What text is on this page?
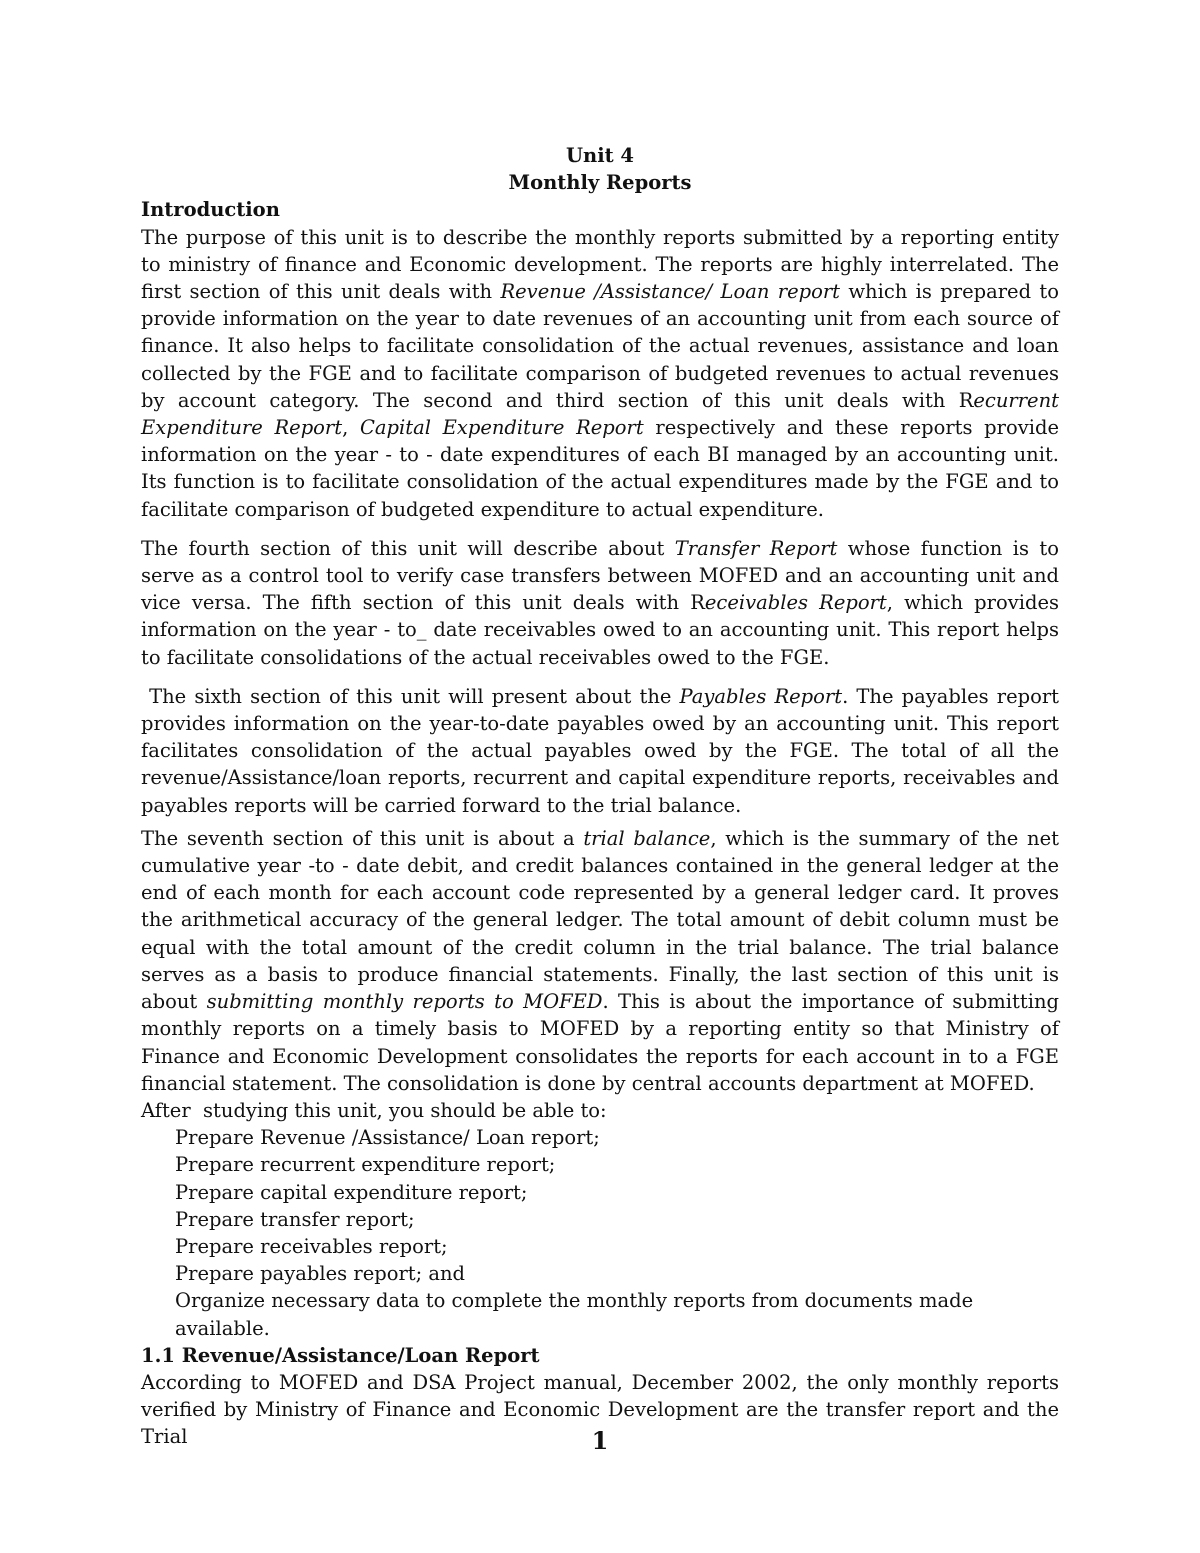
Unit 4
Monthly Reports
Introduction

The purpose of this unit is to describe the monthly reports submitted by a reporting entity to ministry of finance and Economic development. The reports are highly interrelated. The first section of this unit deals with Revenue /Assistance/ Loan report which is prepared to provide information on the year to date revenues of an accounting unit from each source of finance. It also helps to facilitate consolidation of the actual revenues, assistance and loan collected by the FGE and to facilitate comparison of budgeted revenues to actual revenues by account category. The second and third section of this unit deals with Recurrent Expenditure Report, Capital Expenditure Report respectively and these reports provide information on the year - to - date expenditures of each BI managed by an accounting unit. Its function is to facilitate consolidation of the actual expenditures made by the FGE and to facilitate comparison of budgeted expenditure to actual expenditure.

The fourth section of this unit will describe about Transfer Report whose function is to serve as a control tool to verify case transfers between MOFED and an accounting unit and vice versa. The fifth section of this unit deals with Receivables Report, which provides information on the year - to_ date receivables owed to an accounting unit. This report helps to facilitate consolidations of the actual receivables owed to the FGE.

The sixth section of this unit will present about the Payables Report. The payables report provides information on the year-to-date payables owed by an accounting unit. This report facilitates consolidation of the actual payables owed by the FGE. The total of all the revenue/Assistance/loan reports, recurrent and capital expenditure reports, receivables and payables reports will be carried forward to the trial balance.

The seventh section of this unit is about a trial balance, which is the summary of the net cumulative year -to - date debit, and credit balances contained in the general ledger at the end of each month for each account code represented by a general ledger card. It proves the arithmetical accuracy of the general ledger. The total amount of debit column must be equal with the total amount of the credit column in the trial balance. The trial balance serves as a basis to produce financial statements. Finally, the last section of this unit is about submitting monthly reports to MOFED. This is about the importance of submitting monthly reports on a timely basis to MOFED by a reporting entity so that Ministry of Finance and Economic Development consolidates the reports for each account in to a FGE financial statement. The consolidation is done by central accounts department at MOFED.

After  studying this unit, you should be able to:
Prepare Revenue /Assistance/ Loan report;
Prepare recurrent expenditure report;
Prepare capital expenditure report;
Prepare transfer report;
Prepare receivables report;
Prepare payables report; and
Organize necessary data to complete the monthly reports from documents made available.
1.1 Revenue/Assistance/Loan Report

According to MOFED and DSA Project manual, December 2002, the only monthly reports verified by Ministry of Finance and Economic Development are the transfer report and the Trial	1
